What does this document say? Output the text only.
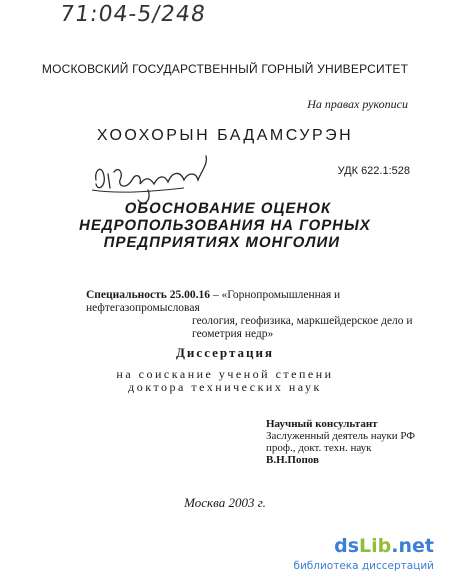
71:04-5/248
МОСКОВСКИЙ ГОСУДАРСТВЕННЫЙ ГОРНЫЙ УНИВЕРСИТЕТ
На правах рукописи
ХООХОРЫН БАДАМСУРЭН
УДК 622.1:528
ОБОСНОВАНИЕ ОЦЕНОК
НЕДРОПОЛЬЗОВАНИЯ НА ГОРНЫХ
ПРЕДПРИЯТИЯХ МОНГОЛИИ
Специальность 25.00.16 – «Горнопромышленная и нефтегазопромысловая
геология, геофизика, маркшейдерское дело и
геометрия недр»
Диссертация
на соискание ученой степени
доктора технических наук
Научный консультант
Заслуженный деятель науки РФ
проф., докт. техн. наук
В.Н.Попов
Москва 2003 г.
dsLib.net
библиотека диссертаций
